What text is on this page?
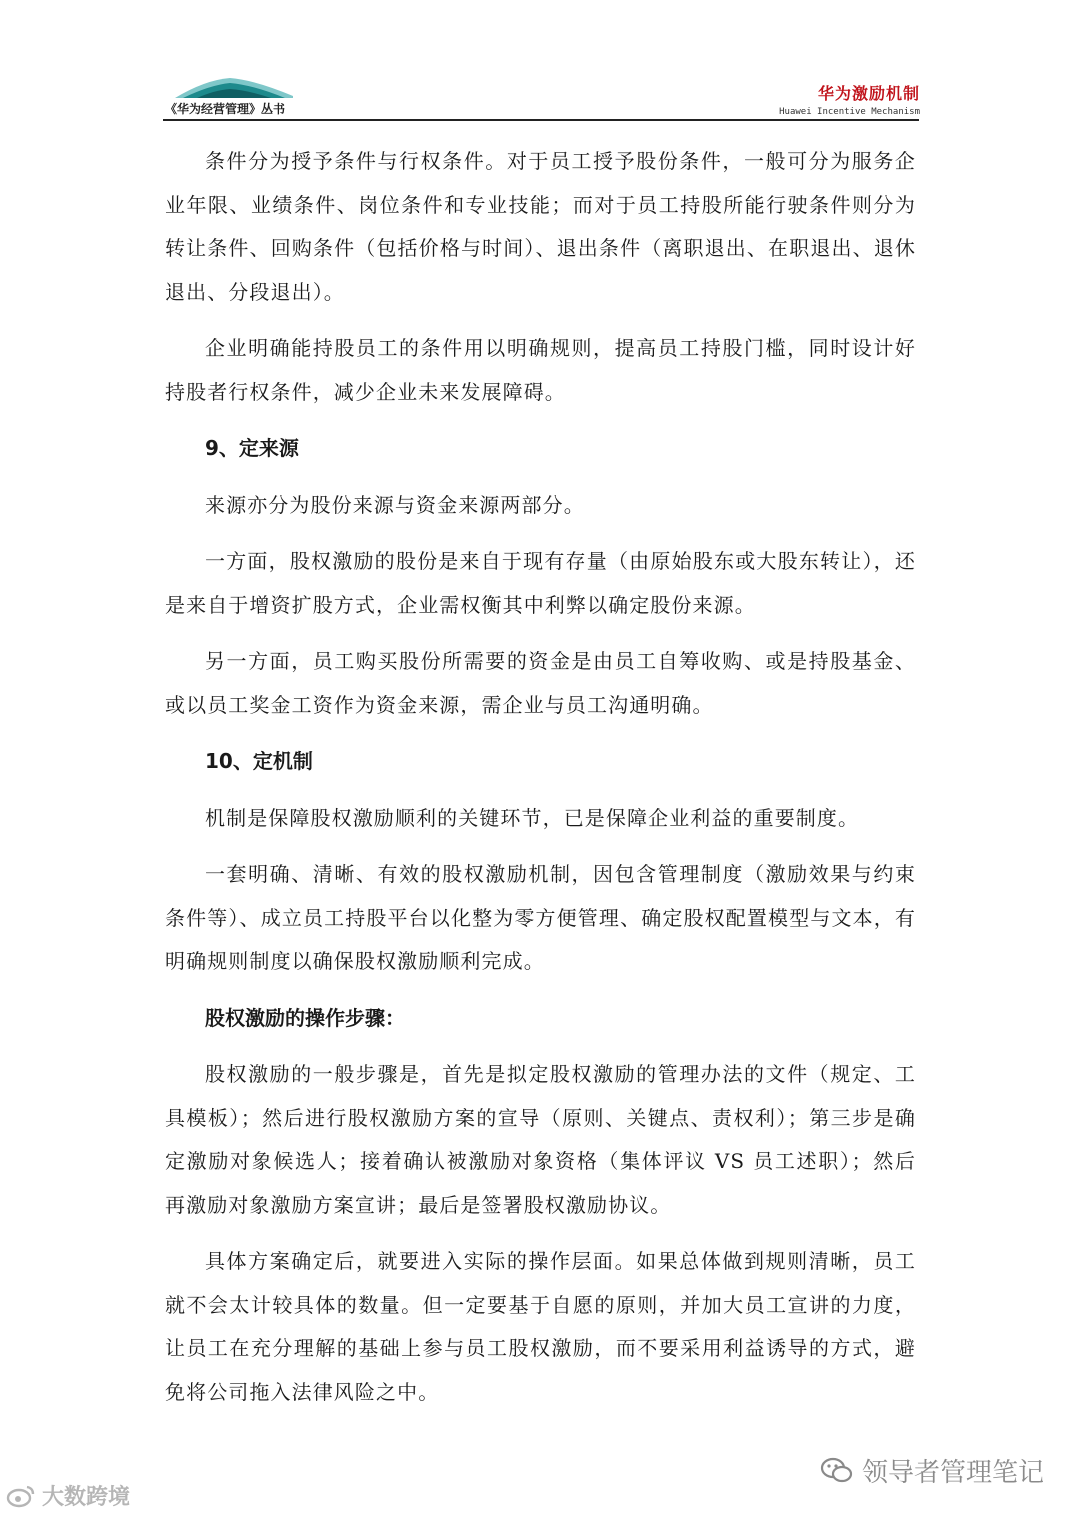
《华为经营管理》丛书
华为激励机制
Huawei Incentive Mechanism

条件分为授予条件与行权条件。对于员工授予股份条件，一般可分为服务企业年限、业绩条件、岗位条件和专业技能；而对于员工持股所能行驶条件则分为转让条件、回购条件（包括价格与时间）、退出条件（离职退出、在职退出、退休退出、分段退出）。

企业明确能持股员工的条件用以明确规则，提高员工持股门槛，同时设计好持股者行权条件，减少企业未来发展障碍。

9、定来源

来源亦分为股份来源与资金来源两部分。

一方面，股权激励的股份是来自于现有存量（由原始股东或大股东转让），还是来自于增资扩股方式，企业需权衡其中利弊以确定股份来源。

另一方面，员工购买股份所需要的资金是由员工自筹收购、或是持股基金、或以员工奖金工资作为资金来源，需企业与员工沟通明确。

10、定机制

机制是保障股权激励顺利的关键环节，已是保障企业利益的重要制度。

一套明确、清晰、有效的股权激励机制，因包含管理制度（激励效果与约束条件等）、成立员工持股平台以化整为零方便管理、确定股权配置模型与文本，有明确规则制度以确保股权激励顺利完成。

股权激励的操作步骤：

股权激励的一般步骤是，首先是拟定股权激励的管理办法的文件（规定、工具模板）；然后进行股权激励方案的宣导（原则、关键点、责权利）；第三步是确定激励对象候选人；接着确认被激励对象资格（集体评议 VS 员工述职）；然后再激励对象激励方案宣讲；最后是签署股权激励协议。

具体方案确定后，就要进入实际的操作层面。如果总体做到规则清晰，员工就不会太计较具体的数量。但一定要基于自愿的原则，并加大员工宣讲的力度，让员工在充分理解的基础上参与员工股权激励，而不要采用利益诱导的方式，避免将公司拖入法律风险之中。

大数跨境
领导者管理笔记
